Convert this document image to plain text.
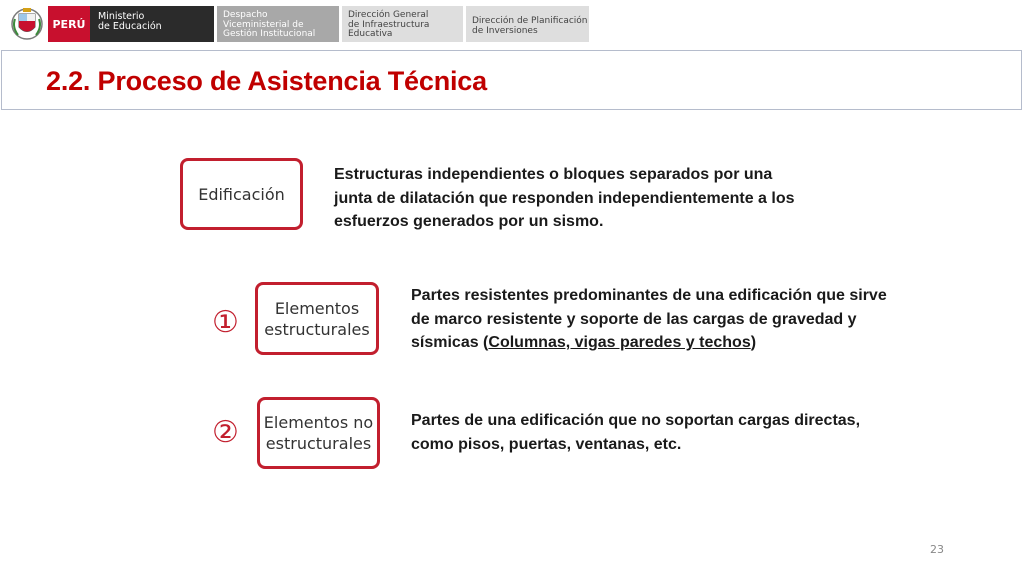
PERÚ
Ministerio
de Educación
Despacho
Viceministerial de
Gestión Institucional
Dirección General
de Infraestructura
Educativa
Dirección de Planificación
de Inversiones
2.2. Proceso de Asistencia Técnica
Edificación

Estructuras independientes o bloques separados por una junta de dilatación que responden independientemente a los esfuerzos generados por un sismo.

①	Elementos estructurales

Partes resistentes predominantes de una edificación que sirve de marco resistente y soporte de las cargas de gravedad y sísmicas (Columnas, vigas paredes y techos)

② Elementos no estructurales

Partes de una edificación que no soportan cargas directas, como pisos, puertas, ventanas, etc.

23
